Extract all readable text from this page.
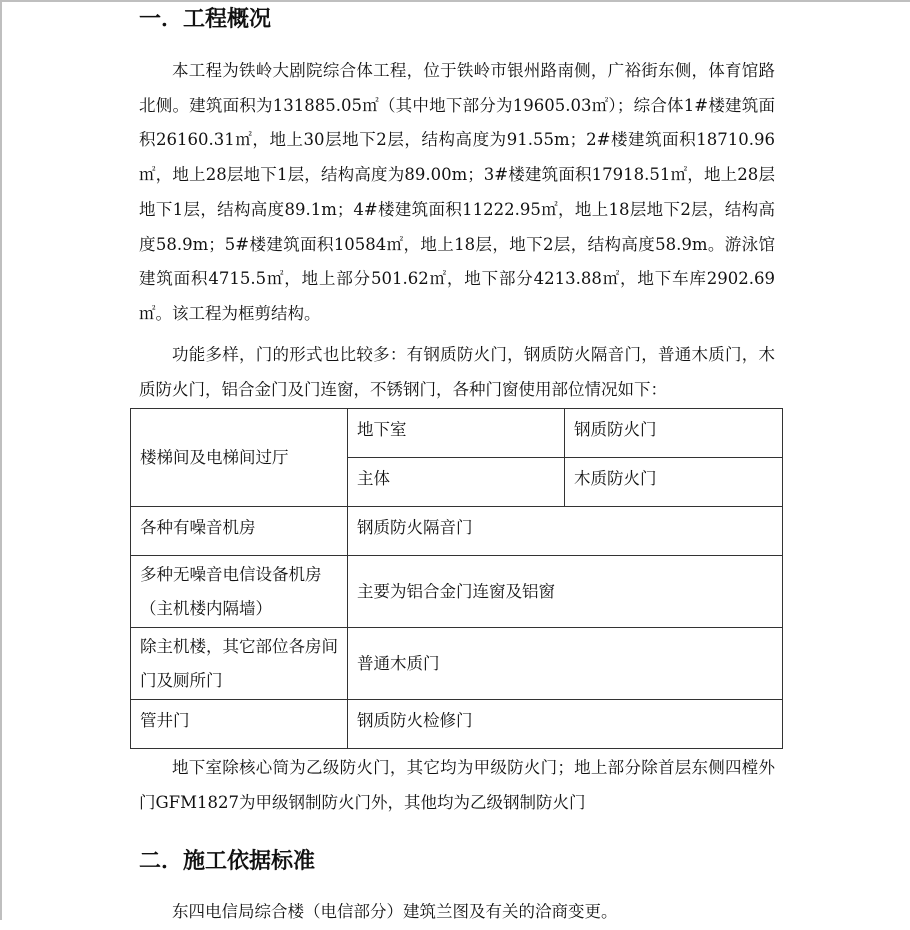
一．工程概况

本工程为铁岭大剧院综合体工程，位于铁岭市银州路南侧，广裕街东侧，体育馆路北侧。建筑面积为131885.05㎡（其中地下部分为19605.03㎡）；综合体1#楼建筑面积26160.31㎡，地上30层地下2层，结构高度为91.55m；2#楼建筑面积18710.96㎡，地上28层地下1层，结构高度为89.00m；3#楼建筑面积17918.51㎡，地上28层地下1层，结构高度89.1m；4#楼建筑面积11222.95㎡，地上18层地下2层，结构高度58.9m；5#楼建筑面积10584㎡，地上18层，地下2层，结构高度58.9m。游泳馆建筑面积4715.5㎡，地上部分501.62㎡，地下部分4213.88㎡，地下车库2902.69㎡。该工程为框剪结构。

功能多样，门的形式也比较多：有钢质防火门，钢质防火隔音门，普通木质门，木质防火门，铝合金门及门连窗，不锈钢门，各种门窗使用部位情况如下：

楼梯间及电梯间过厅	地下室	钢质防火门
	主体	木质防火门
各种有噪音机房	钢质防火隔音门	
多种无噪音电信设备机房（主机楼内隔墙）	主要为铝合金门连窗及铝窗	
除主机楼，其它部位各房间门及厕所门	普通木质门	
管井门	钢质防火检修门	

地下室除核心筒为乙级防火门，其它均为甲级防火门；地上部分除首层东侧四樘外门GFM1827为甲级钢制防火门外，其他均为乙级钢制防火门

二．施工依据标准

东四电信局综合楼（电信部分）建筑兰图及有关的洽商变更。
